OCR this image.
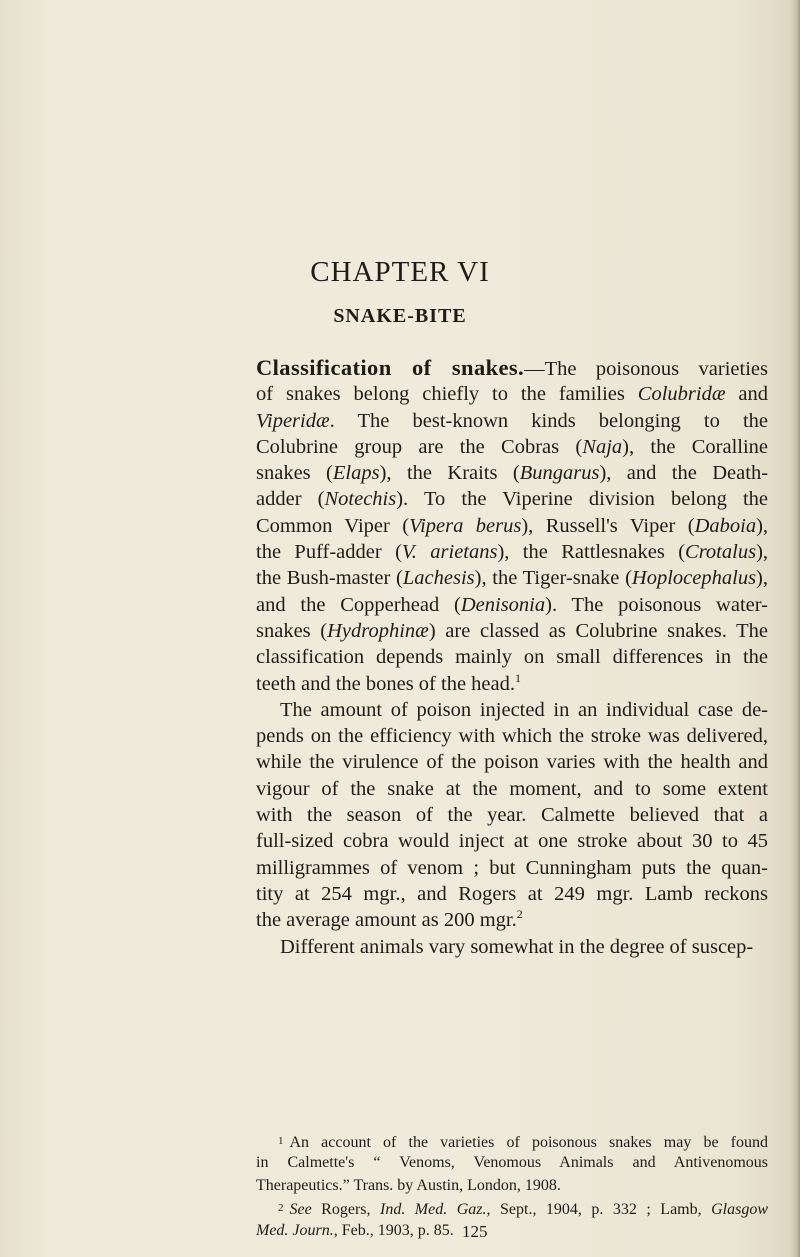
CHAPTER VI
SNAKE-BITE
Classification of snakes.—The poisonous varieties
of snakes belong chiefly to the families Colubridæ and
Viperidæ. The best-known kinds belonging to the
Colubrine group are the Cobras (Naja), the Coralline
snakes (Elaps), the Kraits (Bungarus), and the Death-
adder (Notechis). To the Viperine division belong the
Common Viper (Vipera berus), Russell's Viper (Daboia),
the Puff-adder (V. arietans), the Rattlesnakes (Crotalus),
the Bush-master (Lachesis), the Tiger-snake (Hoplocephalus),
and the Copperhead (Denisonia). The poisonous water-
snakes (Hydrophinæ) are classed as Colubrine snakes. The
classification depends mainly on small differences in the
teeth and the bones of the head.$^1$
The amount of poison injected in an individual case de-
pends on the efficiency with which the stroke was delivered,
while the virulence of the poison varies with the health and
vigour of the snake at the moment, and to some extent
with the season of the year. Calmette believed that a
full-sized cobra would inject at one stroke about 30 to 45
milligrammes of venom ; but Cunningham puts the quan-
tity at 254 mgr., and Rogers at 249 mgr. Lamb reckons
the average amount as 200 mgr.$^2$
Different animals vary somewhat in the degree of suscep-
1 An account of the varieties of poisonous snakes may be found
in Calmette's “ Venoms, Venomous Animals and Antivenomous
Therapeutics.” Trans. by Austin, London, 1908.
2 See Rogers, Ind. Med. Gaz., Sept., 1904, p. 332 ; Lamb, Glasgow
Med. Journ., Feb., 1903, p. 85. 125
